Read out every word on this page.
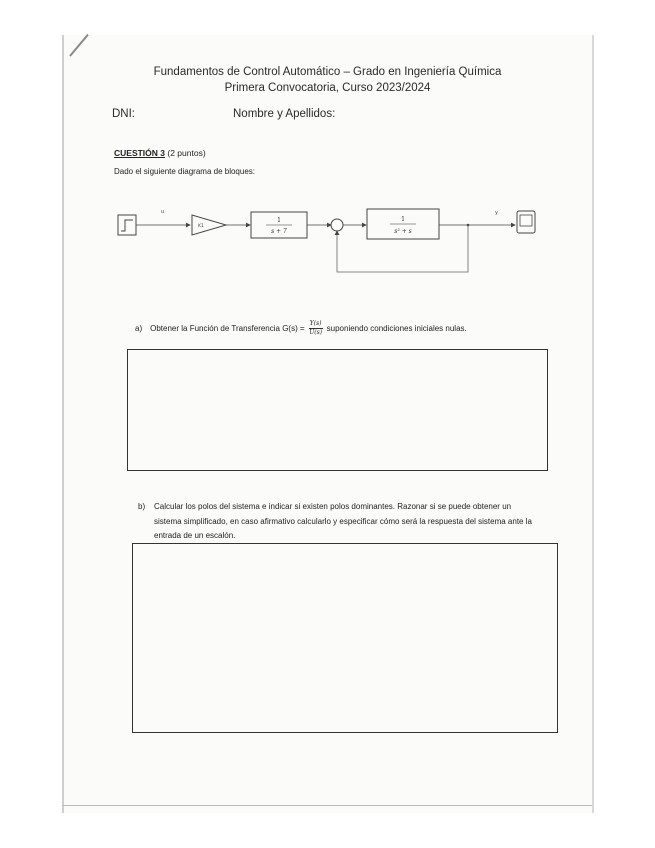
Fundamentos de Control Automático – Grado en Ingeniería Química
Primera Convocatoria, Curso 2023/2024
DNI:	Nombre y Apellidos:
CUESTIÓN 3 (2 puntos)
Dado el siguiente diagrama de bloques:
u
K1
1
s + 7
1
s² + s
y
a) Obtener la Función de Transferencia $G(s) = \frac{Y(s)}{U(s)}$ suponiendo condiciones iniciales nulas.
b) Calcular los polos del sistema e indicar si existen polos dominantes. Razonar si se puede obtener un sistema simplificado, en caso afirmativo calcularlo y especificar cómo será la respuesta del sistema ante la entrada de un escalón.
